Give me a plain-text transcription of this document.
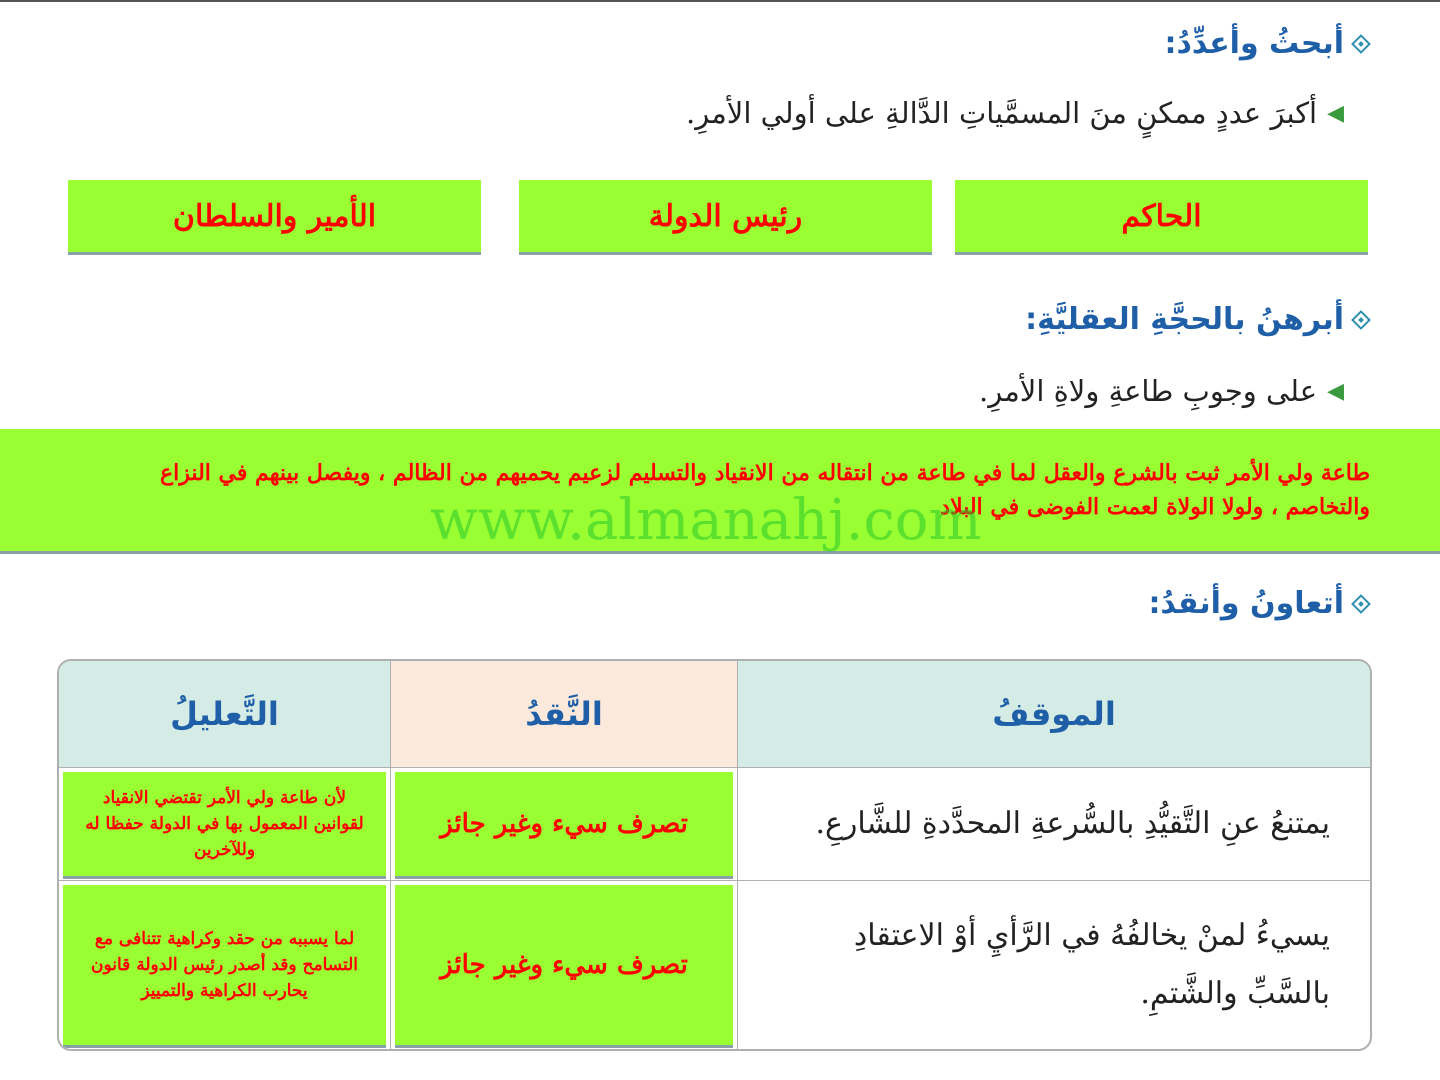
أبحثُ وأعدِّدُ:
◀
أكبرَ عددٍ ممكنٍ منَ المسمَّياتِ الدَّالةِ على أولي الأمرِ.
الحاكم
رئيس الدولة
الأمير والسلطان
أبرهنُ بالحجَّةِ العقليَّةِ:
◀
على وجوبِ طاعةِ ولاةِ الأمرِ.
طاعة ولي الأمر ثبت بالشرع والعقل لما في طاعة من انتقاله من الانقياد والتسليم لزعيم يحميهم من الظالم ، ويفصل بينهم في النزاع والتخاصم ، ولولا الولاة لعمت الفوضى في البلاد
www.almanahj.com
أتعاونُ وأنقدُ:
الموقفُ	النَّقدُ	التَّعليلُ
يمتنعُ عنِ التَّقيُّدِ بالسُّرعةِ المحدَّدةِ للشَّارعِ.	تصرف سيء وغير جائز	لأن طاعة ولي الأمر تقتضي الانقياد لقوانين المعمول بها في الدولة حفظا له وللآخرين

يسيءُ لمنْ يخالفُهُ في الرَّأيِ أوْ الاعتقادِ بالسَّبِّ والشَّتمِ.	تصرف سيء وغير جائز	لما يسببه من حقد وكراهية تتنافى مع التسامح وقد أصدر رئيس الدولة قانون يحارب الكراهية والتمييز
